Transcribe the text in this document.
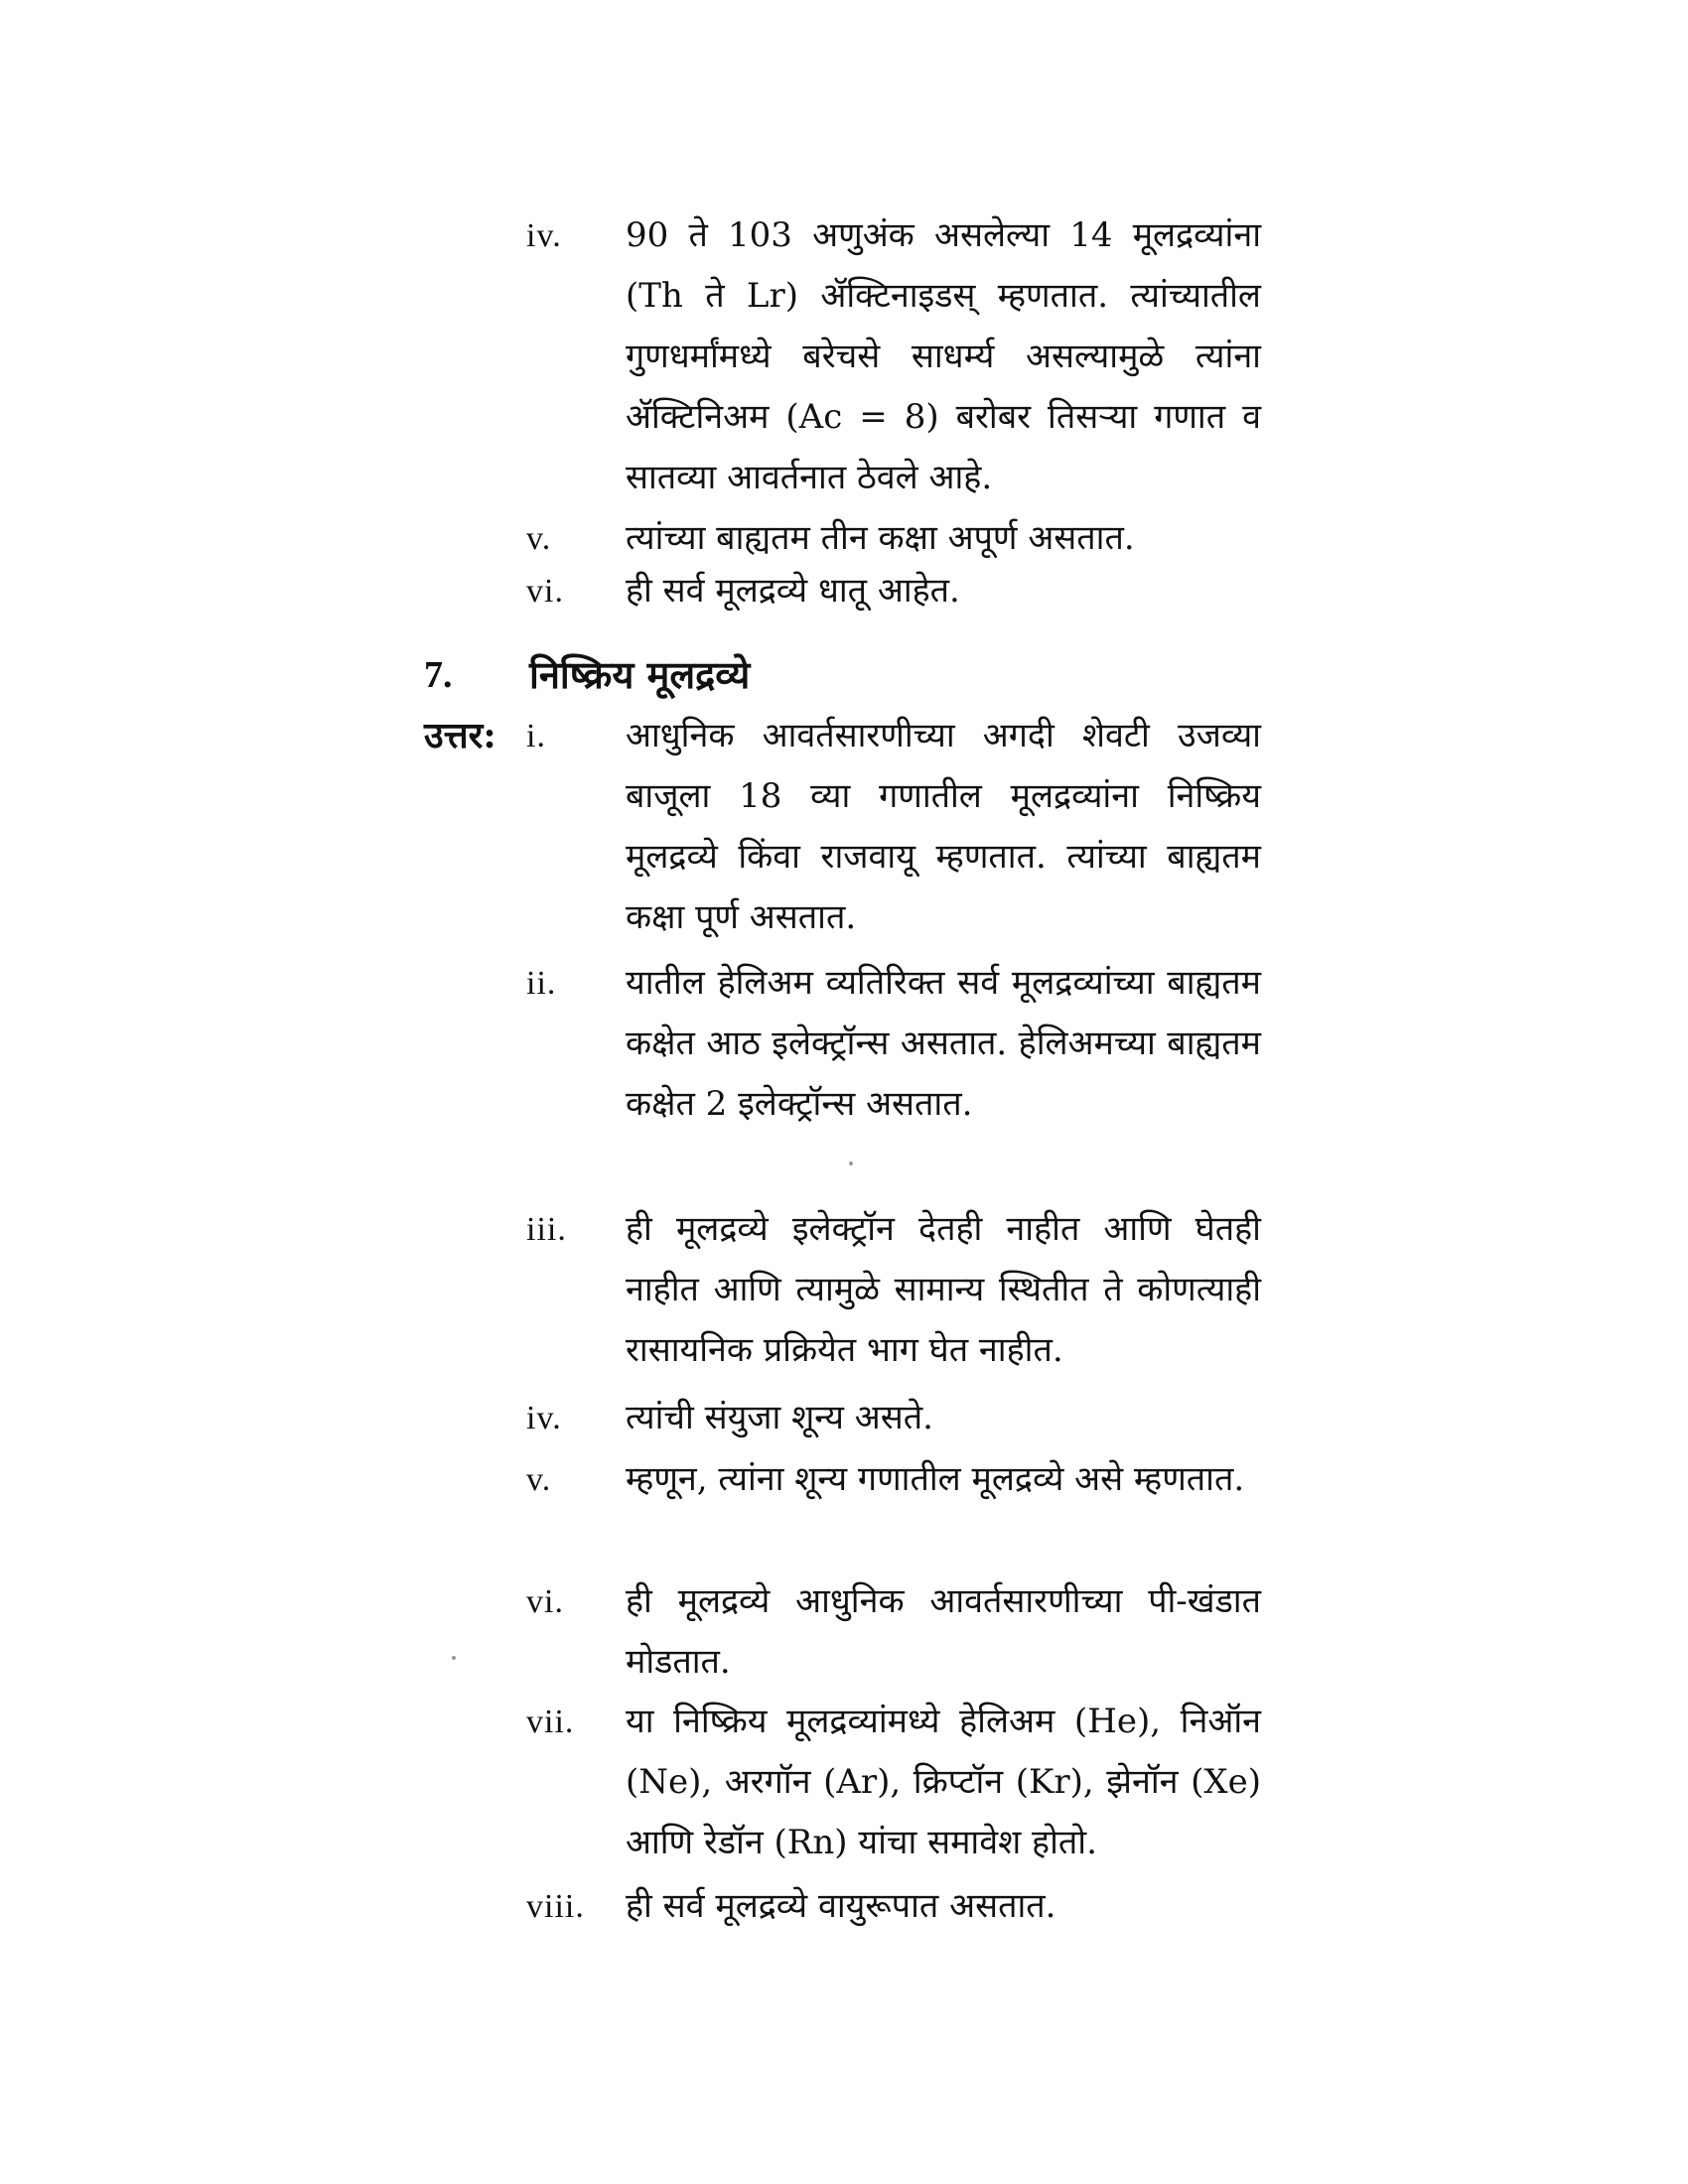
iv.	90 ते 103 अणुअंक असलेल्या 14 मूलद्रव्यांना (Th ते Lr) ॲक्टिनाइडस् म्हणतात. त्यांच्यातील गुणधर्मांमध्ये बरेचसे साधर्म्य असल्यामुळे त्यांना ॲक्टिनिअम (Ac = 8) बरोबर तिसऱ्या गणात व सातव्या आवर्तनात ठेवले आहे.
v.	त्यांच्या बाह्यतम तीन कक्षा अपूर्ण असतात.
vi.	ही सर्व मूलद्रव्ये धातू आहेत.
7.	निष्क्रिय मूलद्रव्ये
उत्तर: i.	आधुनिक आवर्तसारणीच्या अगदी शेवटी उजव्या बाजूला 18 व्या गणातील मूलद्रव्यांना निष्क्रिय मूलद्रव्ये किंवा राजवायू म्हणतात. त्यांच्या बाह्यतम कक्षा पूर्ण असतात.
ii.	यातील हेलिअम व्यतिरिक्त सर्व मूलद्रव्यांच्या बाह्यतम कक्षेत आठ इलेक्ट्रॉन्स असतात. हेलिअमच्या बाह्यतम कक्षेत 2 इलेक्ट्रॉन्स असतात.
iii.	ही मूलद्रव्ये इलेक्ट्रॉन देतही नाहीत आणि घेतही नाहीत आणि त्यामुळे सामान्य स्थितीत ते कोणत्याही रासायनिक प्रक्रियेत भाग घेत नाहीत.
iv.	त्यांची संयुजा शून्य असते.
v.	म्हणून, त्यांना शून्य गणातील मूलद्रव्ये असे म्हणतात.
vi.	ही मूलद्रव्ये आधुनिक आवर्तसारणीच्या पी-खंडात मोडतात.
vii.	या निष्क्रिय मूलद्रव्यांमध्ये हेलिअम (He), निऑन (Ne), अरगॉन (Ar), क्रिप्टॉन (Kr), झेनॉन (Xe) आणि रेडॉन (Rn) यांचा समावेश होतो.
viii.	ही सर्व मूलद्रव्ये वायुरूपात असतात.
